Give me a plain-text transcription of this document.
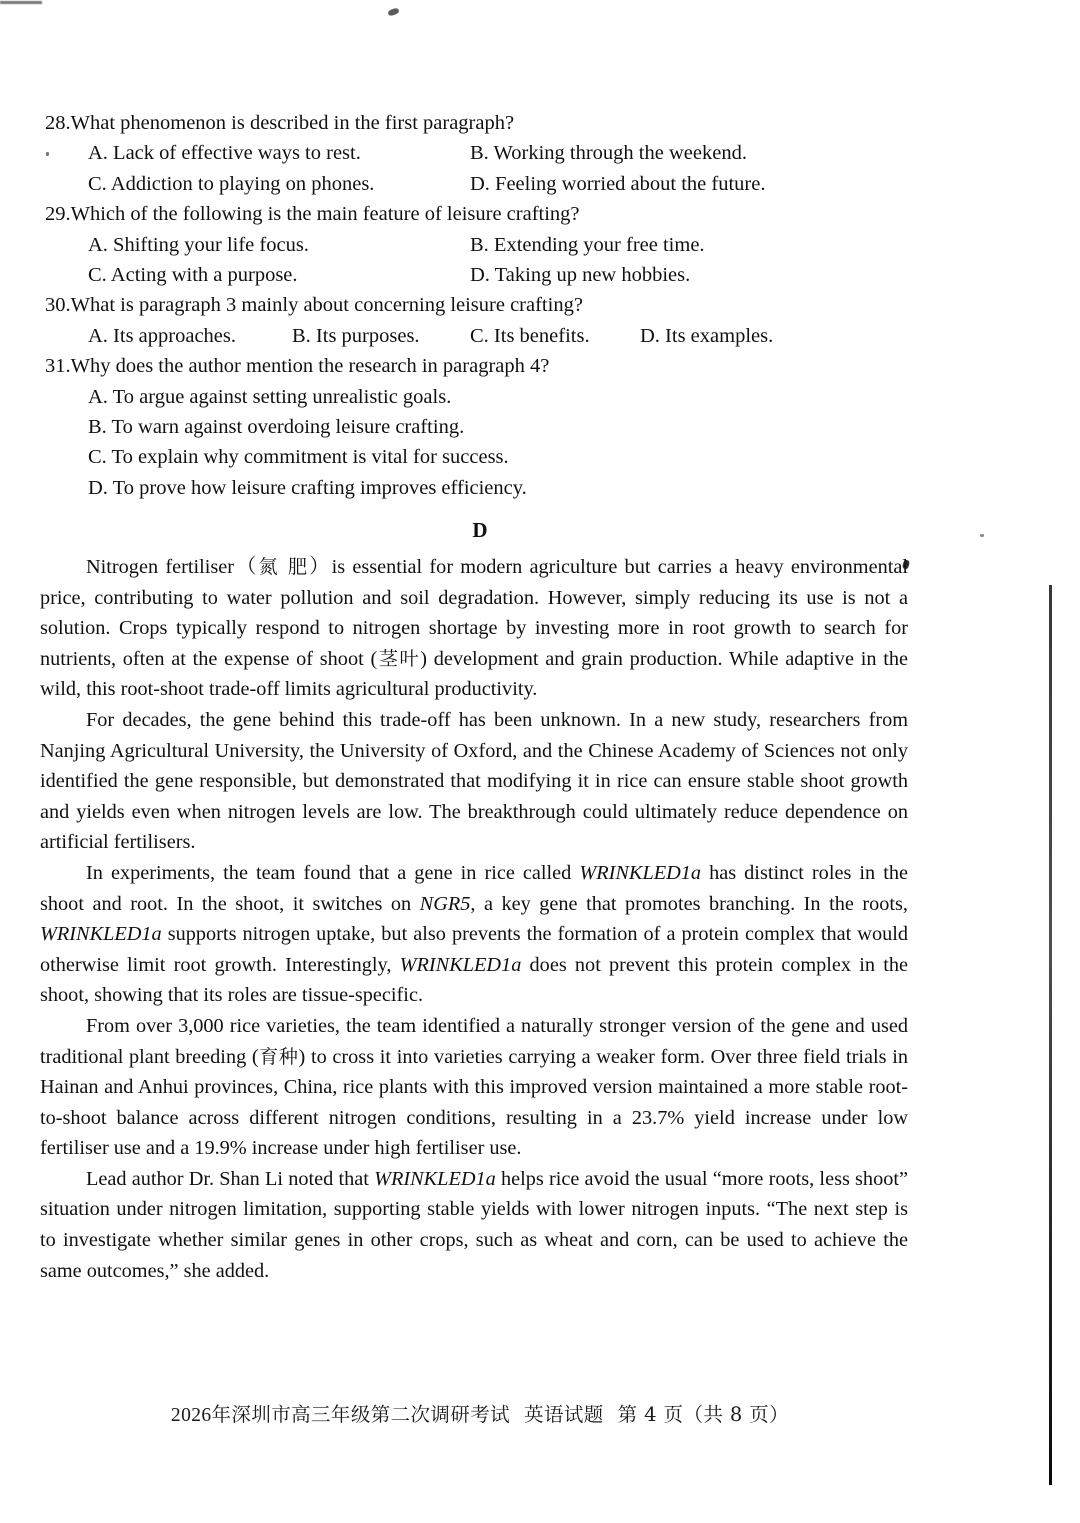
28.What phenomenon is described in the first paragraph?
A. Lack of effective ways to rest.	B. Working through the weekend.
C. Addiction to playing on phones.	D. Feeling worried about the future.
29.Which of the following is the main feature of leisure crafting?
A. Shifting your life focus.	B. Extending your free time.
C. Acting with a purpose.	D. Taking up new hobbies.
30.What is paragraph 3 mainly about concerning leisure crafting?
A. Its approaches.	B. Its purposes. C. Its benefits. D. Its examples.
31.Why does the author mention the research in paragraph 4?
A. To argue against setting unrealistic goals.
B. To warn against overdoing leisure crafting.
C. To explain why commitment is vital for success.
D. To prove how leisure crafting improves efficiency.
D

Nitrogen fertiliser（氮 肥）is essential for modern agriculture but carries a heavy environmental price, contributing to water pollution and soil degradation. However, simply reducing its use is not a solution. Crops typically respond to nitrogen shortage by investing more in root growth to search for nutrients, often at the expense of shoot (茎叶) development and grain production. While adaptive in the wild, this root-shoot trade-off limits agricultural productivity.

For decades, the gene behind this trade-off has been unknown. In a new study, researchers from Nanjing Agricultural University, the University of Oxford, and the Chinese Academy of Sciences not only identified the gene responsible, but demonstrated that modifying it in rice can ensure stable shoot growth and yields even when nitrogen levels are low. The breakthrough could ultimately reduce dependence on artificial fertilisers.

In experiments, the team found that a gene in rice called WRINKLED1a has distinct roles in the shoot and root. In the shoot, it switches on NGR5, a key gene that promotes branching. In the roots, WRINKLED1a supports nitrogen uptake, but also prevents the formation of a protein complex that would otherwise limit root growth. Interestingly, WRINKLED1a does not prevent this protein complex in the shoot, showing that its roles are tissue-specific.

From over 3,000 rice varieties, the team identified a naturally stronger version of the gene and used traditional plant breeding (育种) to cross it into varieties carrying a weaker form. Over three field trials in Hainan and Anhui provinces, China, rice plants with this improved version maintained a more stable root-to-shoot balance across different nitrogen conditions, resulting in a 23.7% yield increase under low fertiliser use and a 19.9% increase under high fertiliser use.

Lead author Dr. Shan Li noted that WRINKLED1a helps rice avoid the usual “more roots, less shoot” situation under nitrogen limitation, supporting stable yields with lower nitrogen inputs. “The next step is to investigate whether similar genes in other crops, such as wheat and corn, can be used to achieve the same outcomes,” she added.

2026年深圳市高三年级第二次调研考试 英语试题 第 4 页（共 8 页）
